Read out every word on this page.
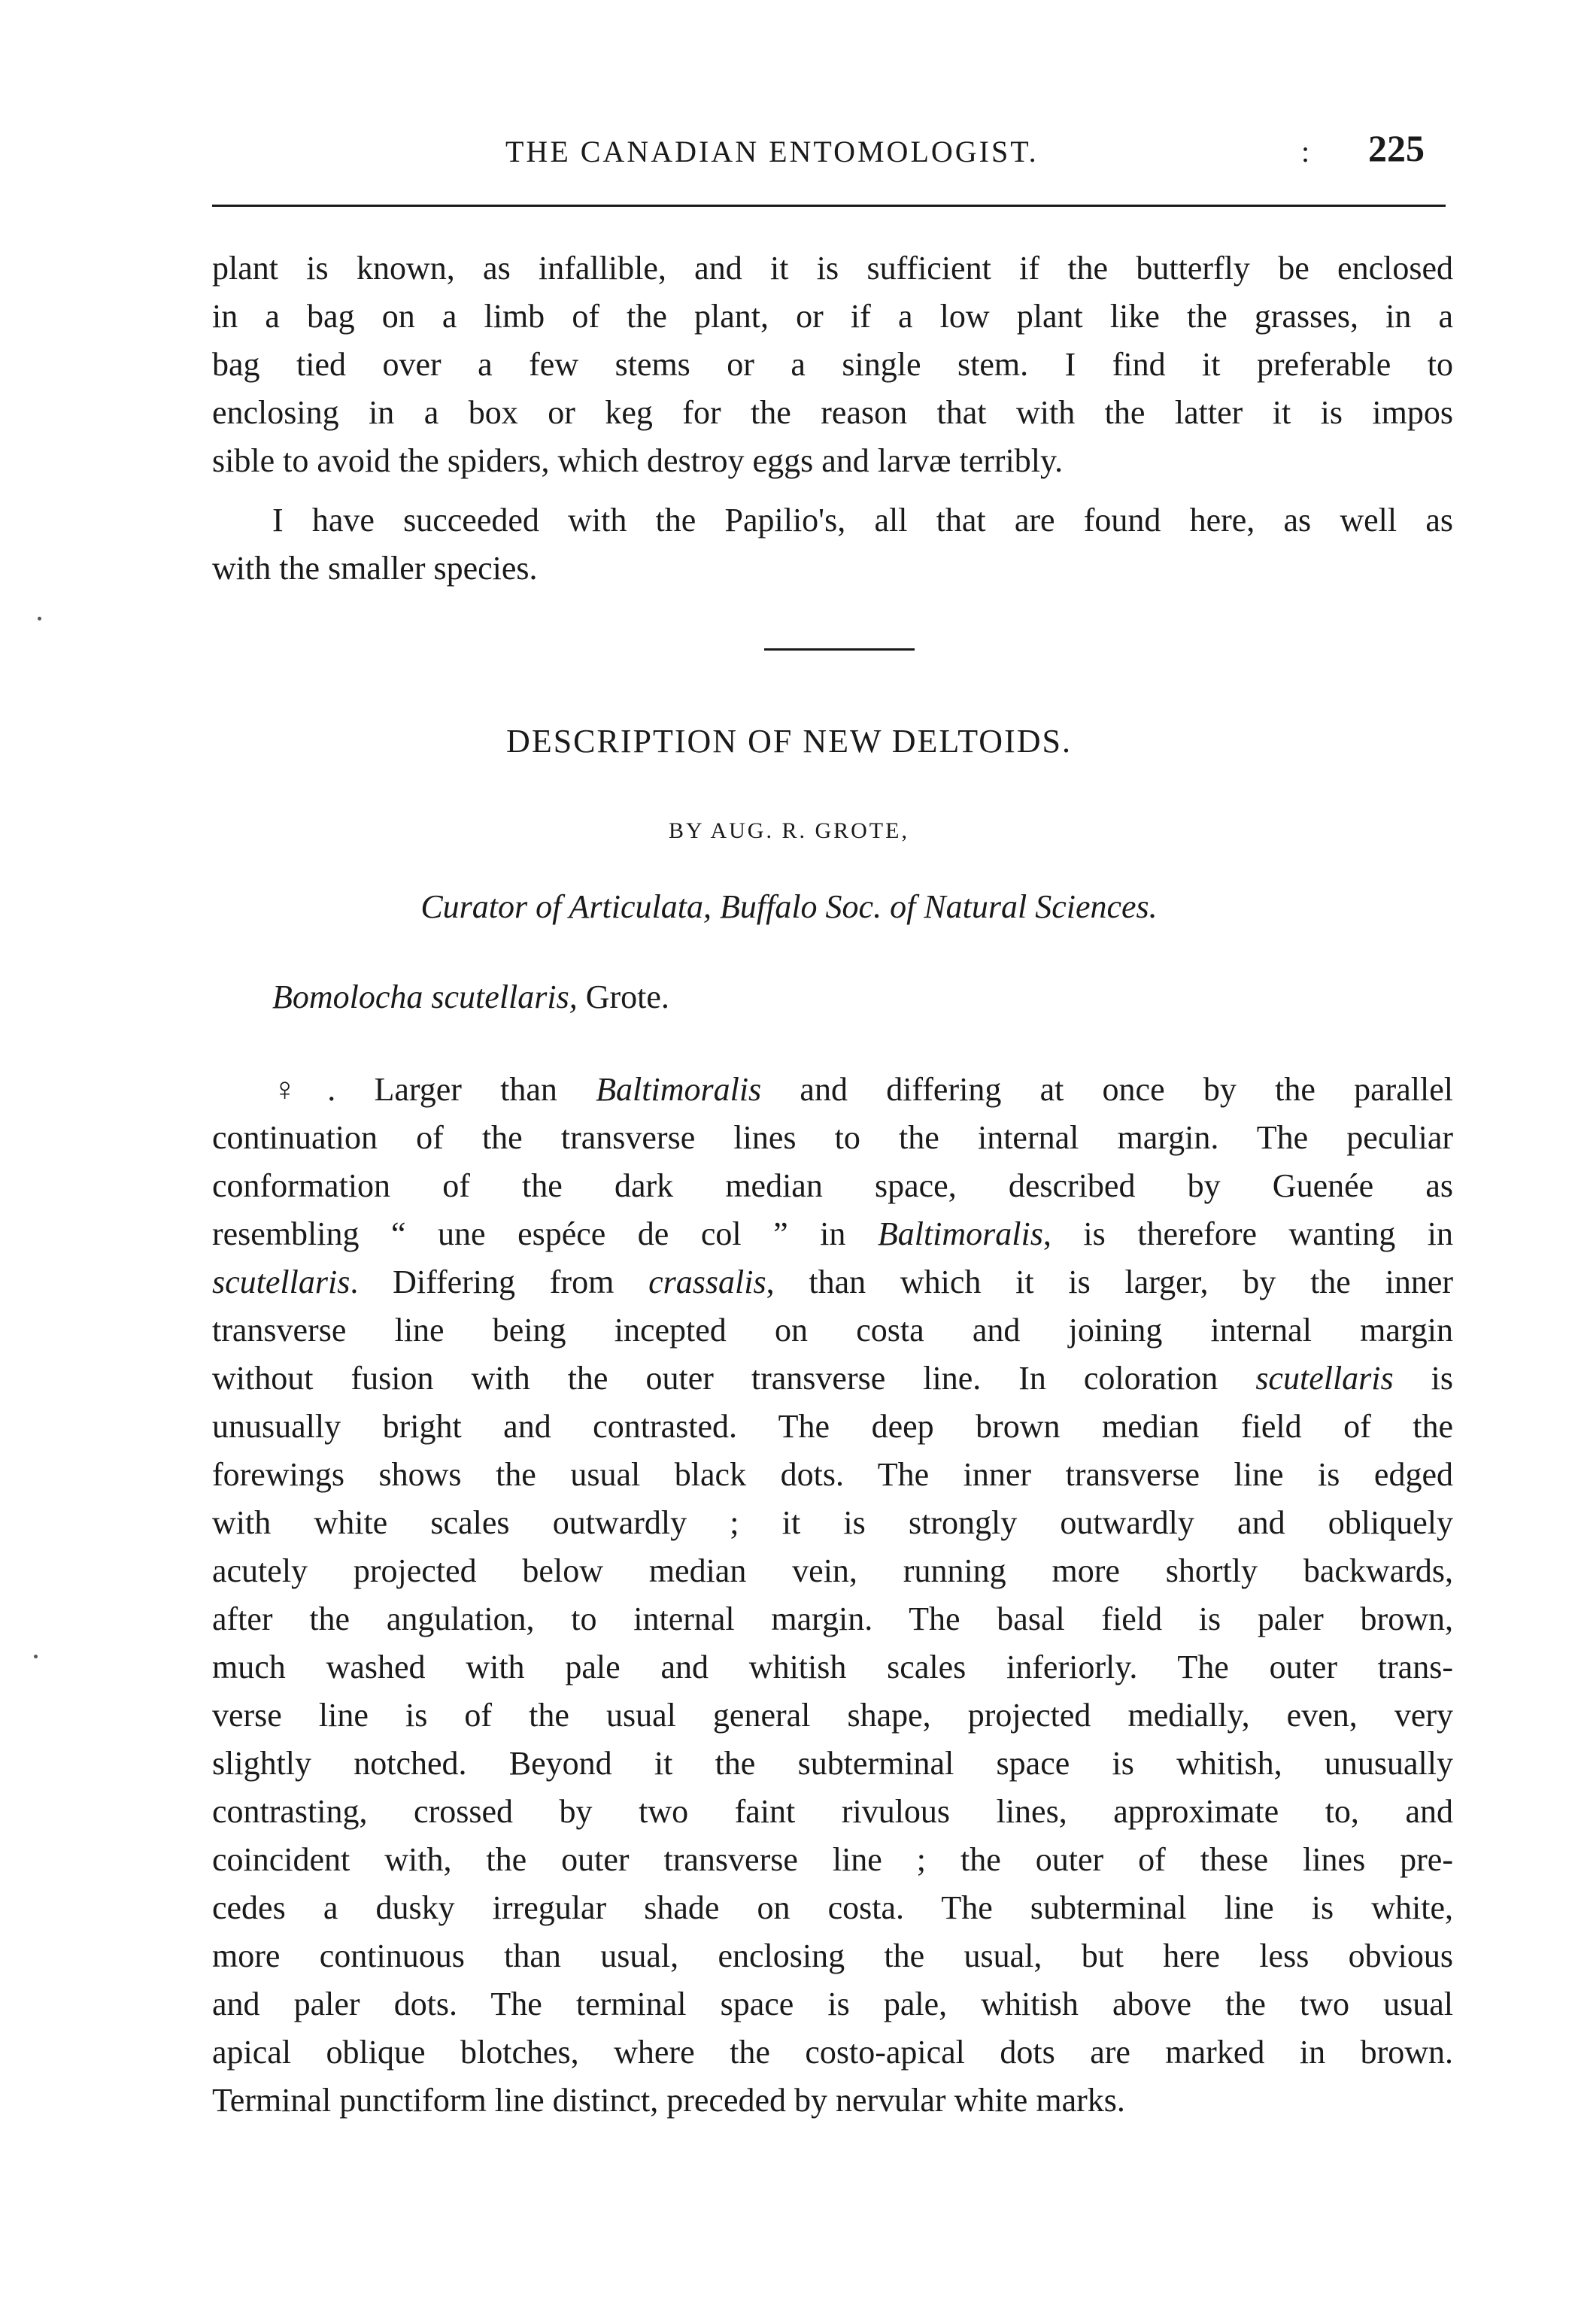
THE CANADIAN ENTOMOLOGIST.	: 225
plant is known, as infallible, and it is sufficient if the butterfly be enclosed
in a bag on a limb of the plant, or if a low plant like the grasses, in a
bag tied over a few stems or a single stem. I find it preferable to
enclosing in a box or keg for the reason that with the latter it is impos
sible to avoid the spiders, which destroy eggs and larvæ terribly.
I have succeeded with the Papilio's, all that are found here, as well as
with the smaller species.
DESCRIPTION OF NEW DELTOIDS.
BY AUG. R. GROTE,
Curator of Articulata, Buffalo Soc. of Natural Sciences.
Bomolocha scutellaris, Grote.
♀. Larger than Baltimoralis and differing at once by the parallel
continuation of the transverse lines to the internal margin. The peculiar
conformation of the dark median space, described by Guenée as
resembling “ une espéce de col ” in Baltimoralis, is therefore wanting in
scutellaris. Differing from crassalis, than which it is larger, by the inner
transverse line being incepted on costa and joining internal margin
without fusion with the outer transverse line. In coloration scutellaris is
unusually bright and contrasted. The deep brown median field of the
forewings shows the usual black dots. The inner transverse line is edged
with white scales outwardly ; it is strongly outwardly and obliquely
acutely projected below median vein, running more shortly backwards,
after the angulation, to internal margin. The basal field is paler brown,
much washed with pale and whitish scales inferiorly. The outer trans-
verse line is of the usual general shape, projected medially, even, very
slightly notched. Beyond it the subterminal space is whitish, unusually
contrasting, crossed by two faint rivulous lines, approximate to, and
coincident with, the outer transverse line ; the outer of these lines pre-
cedes a dusky irregular shade on costa. The subterminal line is white,
more continuous than usual, enclosing the usual, but here less obvious
and paler dots. The terminal space is pale, whitish above the two usual
apical oblique blotches, where the costo-apical dots are marked in brown.
Terminal punctiform line distinct, preceded by nervular white marks.
